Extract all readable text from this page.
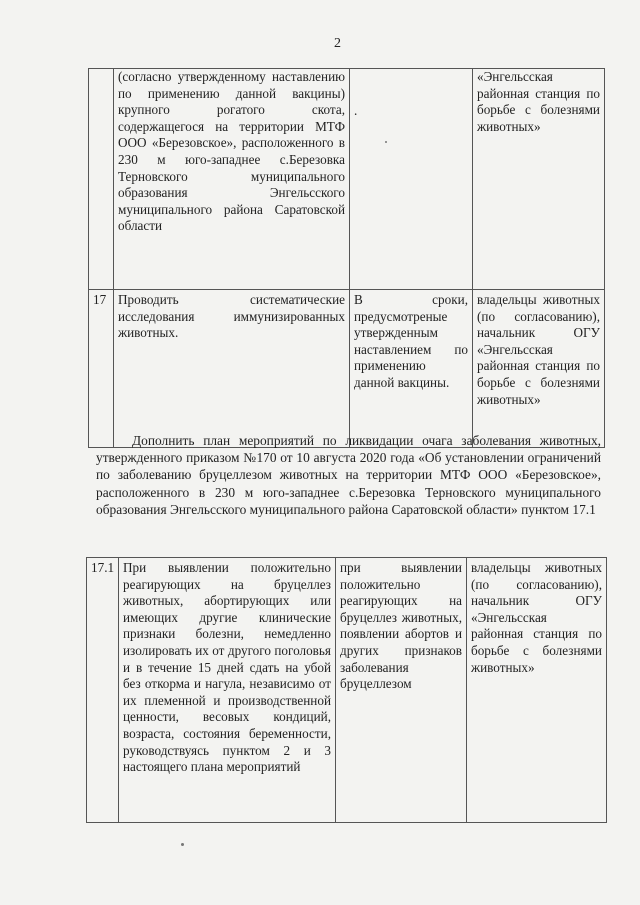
2
	(согласно утвержденному наставлению по применению данной вакцины) крупного рогатого скота, содержащегося на территории МТФ ООО «Березовское», расположенного в 230 м юго-западнее с.Березовка Терновского муниципального образования Энгельсского муниципального района Саратовской области	.	«Энгельсская районная станция по борьбе с болезнями животных»
17	Проводить систематические исследования иммунизированных животных.	В сроки, предусмотреные утвержденным наставлением по применению данной вакцины.	владельцы животных (по согласованию), начальник ОГУ «Энгельсская районная станция по борьбе с болезнями животных»
Дополнить план мероприятий по ликвидации очага заболевания животных, утвержденного приказом №170 от 10 августа 2020 года «Об установлении ограничений по заболеванию бруцеллезом животных на территории МТФ ООО «Березовское», расположенного в 230 м юго-западнее с.Березовка Терновского муниципального образования Энгельсского муниципального района Саратовской области» пунктом 17.1
17.1	При выявлении положительно реагирующих на бруцеллез животных, абортирующих или имеющих другие клинические признаки болезни, немедленно изолировать их от другого поголовья и в течение 15 дней сдать на убой без откорма и нагула, независимо от их племенной и производственной ценности, весовых кондиций, возраста, состояния беременности, руководствуясь пунктом 2 и 3 настоящего плана мероприятий	при выявлении положительно реагирующих на бруцеллез животных, появлении абортов и других признаков заболевания бруцеллезом	владельцы животных (по согласованию), начальник ОГУ «Энгельсская районная станция по борьбе с болезнями животных»
